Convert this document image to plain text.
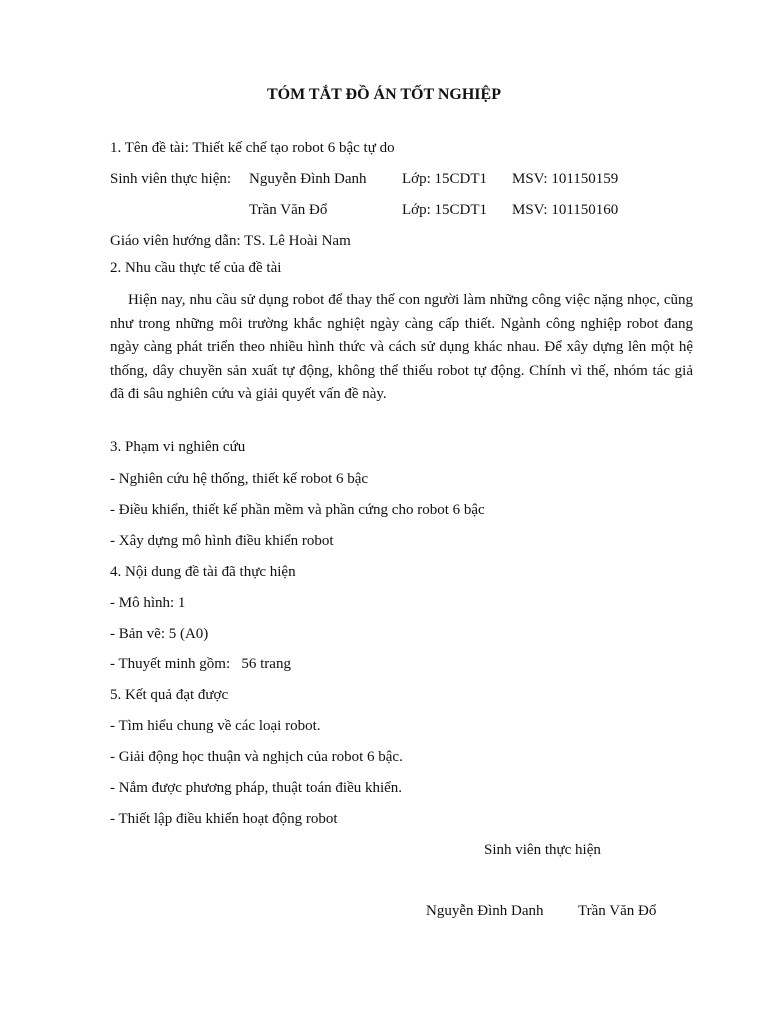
TÓM TẮT ĐỒ ÁN TỐT NGHIỆP
1. Tên đề tài: Thiết kế chế tạo robot 6 bậc tự do
Sinh viên thực hiện: Nguyễn Đình Danh Lớp: 15CDT1 MSV: 101150159
Trần Văn Đổ	Lớp: 15CDT1 MSV: 101150160
Giáo viên hướng dẫn: TS. Lê Hoài Nam
2. Nhu cầu thực tế của đề tài
Hiện nay, nhu cầu sử dụng robot để thay thế con người làm những công việc nặng nhọc, cũng như trong những môi trường khắc nghiệt ngày càng cấp thiết. Ngành công nghiệp robot đang ngày càng phát triển theo nhiều hình thức và cách sử dụng khác nhau. Để xây dựng lên một hệ thống, dây chuyền sản xuất tự động, không thể thiếu robot tự động. Chính vì thế, nhóm tác giả đã đi sâu nghiên cứu và giải quyết vấn đề này.
3. Phạm vi nghiên cứu
- Nghiên cứu hệ thống, thiết kế robot 6 bậc
- Điều khiển, thiết kế phần mềm và phần cứng cho robot 6 bậc
- Xây dựng mô hình điều khiển robot
4. Nội dung đề tài đã thực hiện
- Mô hình: 1
- Bản vẽ: 5 (A0)
- Thuyết minh gồm:   56 trang
5. Kết quả đạt được
- Tìm hiểu chung về các loại robot.
- Giải động học thuận và nghịch của robot 6 bậc.
- Nắm được phương pháp, thuật toán điều khiển.
- Thiết lập điều khiển hoạt động robot
Sinh viên thực hiện
Nguyễn Đình Danh Trần Văn Đổ
